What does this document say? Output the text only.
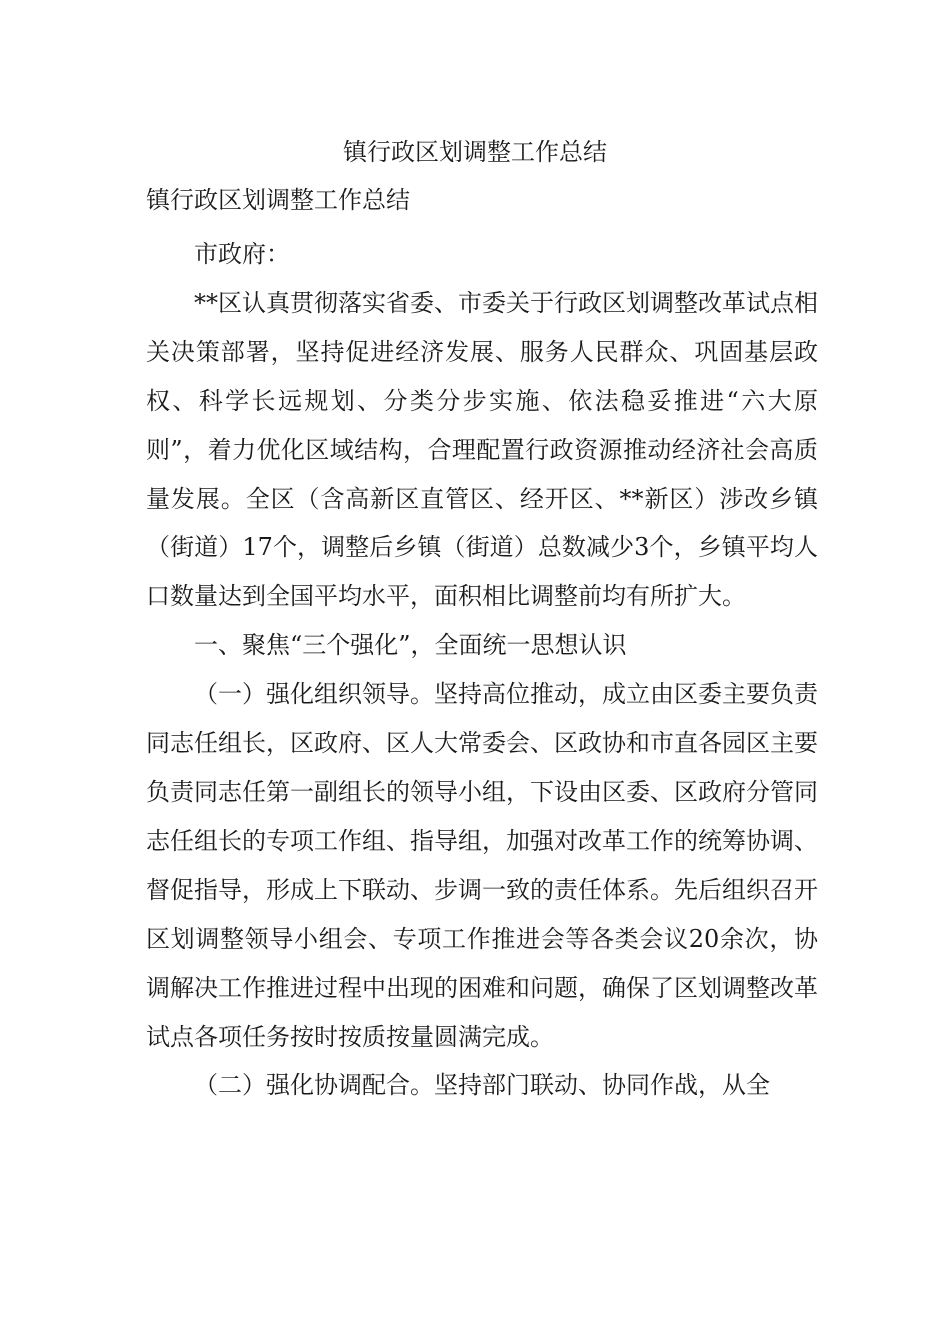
镇行政区划调整工作总结
镇行政区划调整工作总结

市政府：

**区认真贯彻落实省委、市委关于行政区划调整改革试点相关决策部署，坚持促进经济发展、服务人民群众、巩固基层政权、科学长远规划、分类分步实施、依法稳妥推进“六大原则”，着力优化区域结构，合理配置行政资源推动经济社会高质量发展。全区（含高新区直管区、经开区、**新区）涉改乡镇（街道）17个，调整后乡镇（街道）总数减少3个，乡镇平均人口数量达到全国平均水平，面积相比调整前均有所扩大。

一、聚焦“三个强化”，全面统一思想认识

（一）强化组织领导。坚持高位推动，成立由区委主要负责同志任组长，区政府、区人大常委会、区政协和市直各园区主要负责同志任第一副组长的领导小组，下设由区委、区政府分管同志任组长的专项工作组、指导组，加强对改革工作的统筹协调、督促指导，形成上下联动、步调一致的责任体系。先后组织召开区划调整领导小组会、专项工作推进会等各类会议20余次，协调解决工作推进过程中出现的困难和问题，确保了区划调整改革试点各项任务按时按质按量圆满完成。

（二）强化协调配合。坚持部门联动、协同作战，从全
